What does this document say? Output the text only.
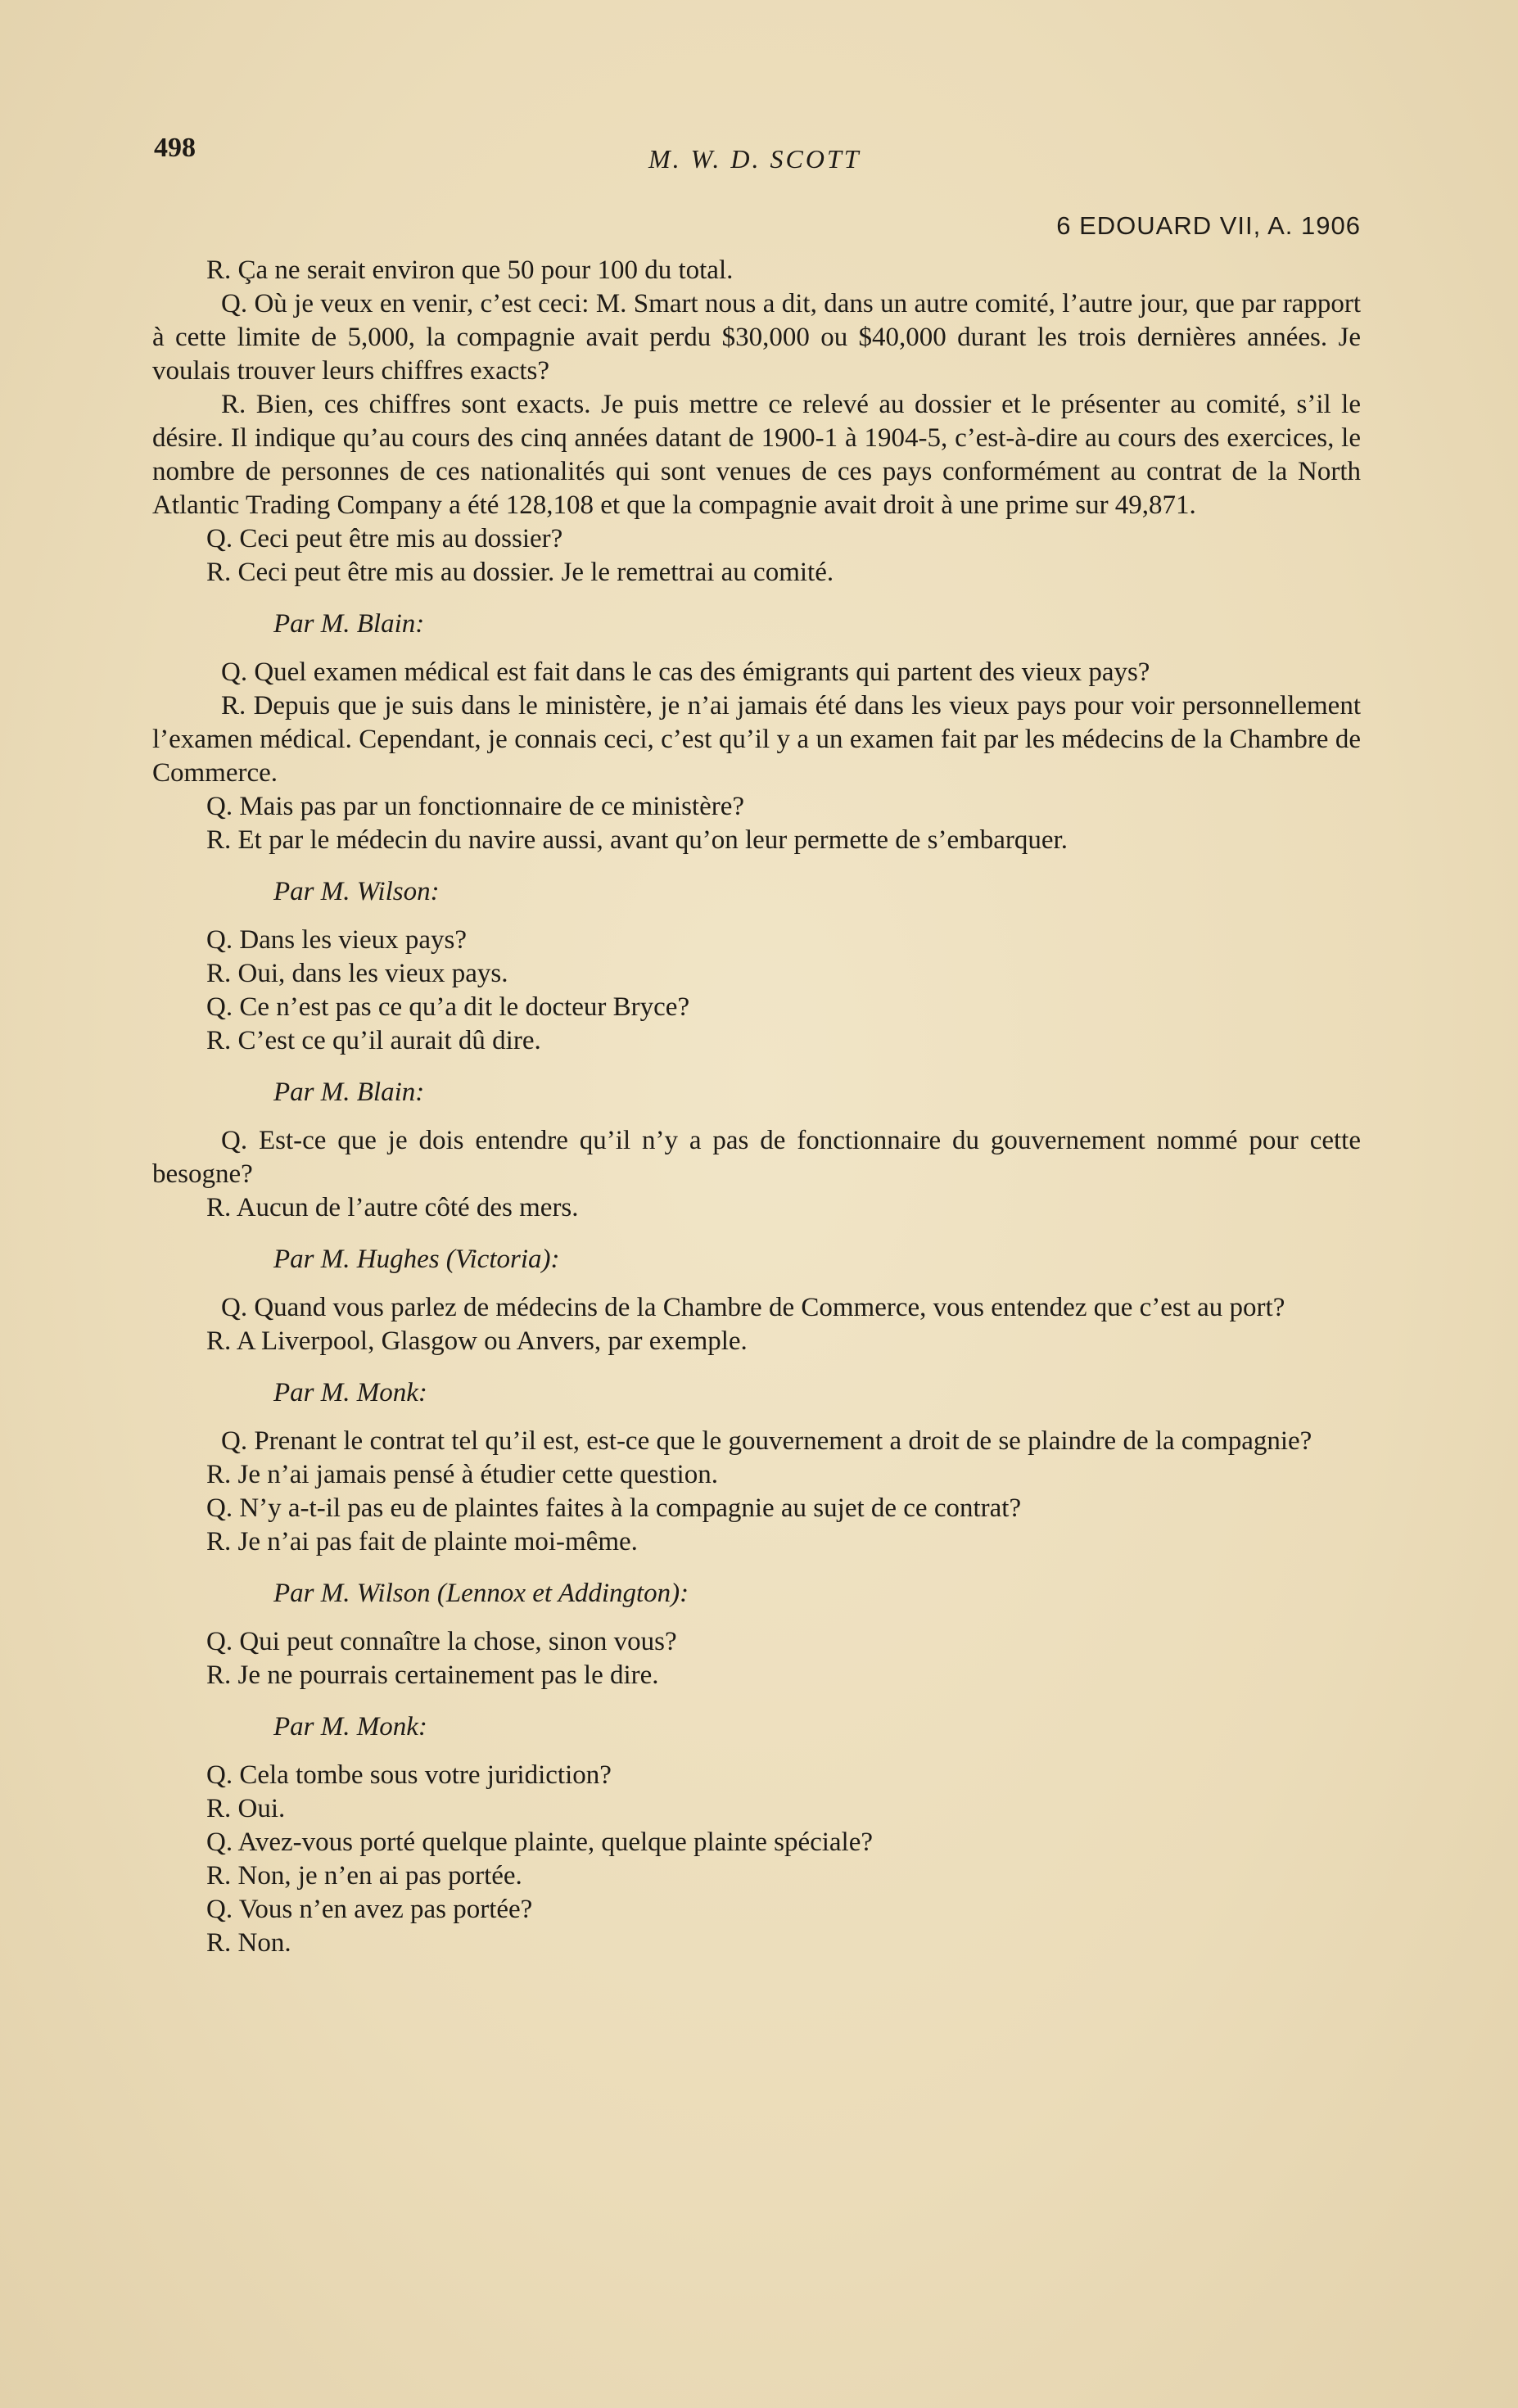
498	M. W. D. SCOTT
6 EDOUARD VII, A. 1906

R. Ça ne serait environ que 50 pour 100 du total.

Q. Où je veux en venir, c’est ceci: M. Smart nous a dit, dans un autre comité, l’autre jour, que par rapport à cette limite de 5,000, la compagnie avait perdu $30,000 ou $40,000 durant les trois dernières années. Je voulais trouver leurs chiffres exacts?

R. Bien, ces chiffres sont exacts. Je puis mettre ce relevé au dossier et le présenter au comité, s’il le désire. Il indique qu’au cours des cinq années datant de 1900-1 à 1904-5, c’est-à-dire au cours des exercices, le nombre de personnes de ces nationalités qui sont venues de ces pays conformément au contrat de la North Atlantic Trading Company a été 128,108 et que la compagnie avait droit à une prime sur 49,871.

Q. Ceci peut être mis au dossier?

R. Ceci peut être mis au dossier. Je le remettrai au comité.

Par M. Blain:

Q. Quel examen médical est fait dans le cas des émigrants qui partent des vieux pays?

R. Depuis que je suis dans le ministère, je n’ai jamais été dans les vieux pays pour voir personnellement l’examen médical. Cependant, je connais ceci, c’est qu’il y a un examen fait par les médecins de la Chambre de Commerce.

Q. Mais pas par un fonctionnaire de ce ministère?

R. Et par le médecin du navire aussi, avant qu’on leur permette de s’embarquer.

Par M. Wilson:

Q. Dans les vieux pays?

R. Oui, dans les vieux pays.

Q. Ce n’est pas ce qu’a dit le docteur Bryce?

R. C’est ce qu’il aurait dû dire.

Par M. Blain:

Q. Est-ce que je dois entendre qu’il n’y a pas de fonctionnaire du gouvernement nommé pour cette besogne?

R. Aucun de l’autre côté des mers.

Par M. Hughes (Victoria):

Q. Quand vous parlez de médecins de la Chambre de Commerce, vous entendez que c’est au port?

R. A Liverpool, Glasgow ou Anvers, par exemple.

Par M. Monk:

Q. Prenant le contrat tel qu’il est, est-ce que le gouvernement a droit de se plaindre de la compagnie?

R. Je n’ai jamais pensé à étudier cette question.

Q. N’y a-t-il pas eu de plaintes faites à la compagnie au sujet de ce contrat?

R. Je n’ai pas fait de plainte moi-même.

Par M. Wilson (Lennox et Addington):

Q. Qui peut connaître la chose, sinon vous?

R. Je ne pourrais certainement pas le dire.

Par M. Monk:

Q. Cela tombe sous votre juridiction?

R. Oui.

Q. Avez-vous porté quelque plainte, quelque plainte spéciale?

R. Non, je n’en ai pas portée.

Q. Vous n’en avez pas portée?

R. Non.
